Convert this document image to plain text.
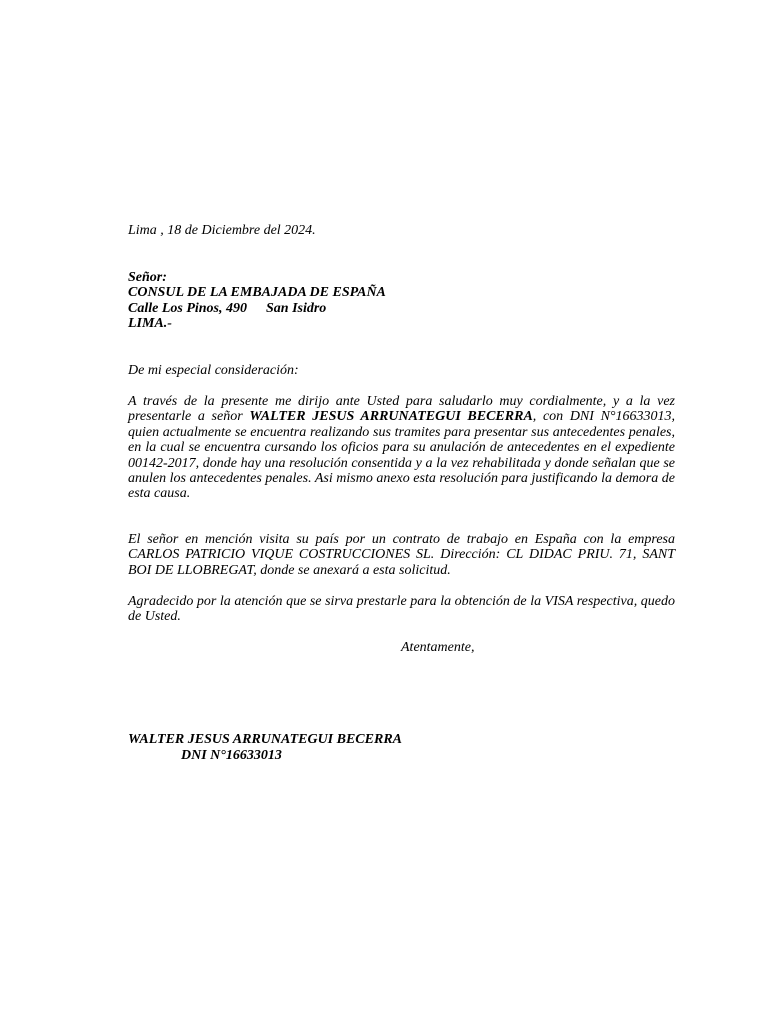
Lima , 18 de Diciembre del 2024.

Señor:
CONSUL DE LA EMBAJADA DE ESPAÑA
Calle Los Pinos, 490 San Isidro
LIMA.-

De mi especial consideración:

A través de la presente me dirijo ante Usted para saludarlo muy cordialmente, y a la vez presentarle a señor WALTER JESUS ARRUNATEGUI BECERRA, con DNI N°16633013, quien actualmente se encuentra realizando sus tramites para presentar sus antecedentes penales, en la cual se encuentra cursando los oficios para su anulación de antecedentes en el expediente 00142-2017, donde hay una resolución consentida y a la vez rehabilitada y donde señalan que se anulen los antecedentes penales. Asi mismo anexo esta resolución para justificando la demora de esta causa.

El señor en mención visita su país por un contrato de trabajo en España con la empresa CARLOS PATRICIO VIQUE COSTRUCCIONES SL. Dirección: CL DIDAC PRIU. 71, SANT BOI DE LLOBREGAT, donde se anexará a esta solicitud.

Agradecido por la atención que se sirva prestarle para la obtención de la VISA respectiva, quedo de Usted.

Atentamente,

WALTER JESUS ARRUNATEGUI BECERRA

DNI N°16633013
